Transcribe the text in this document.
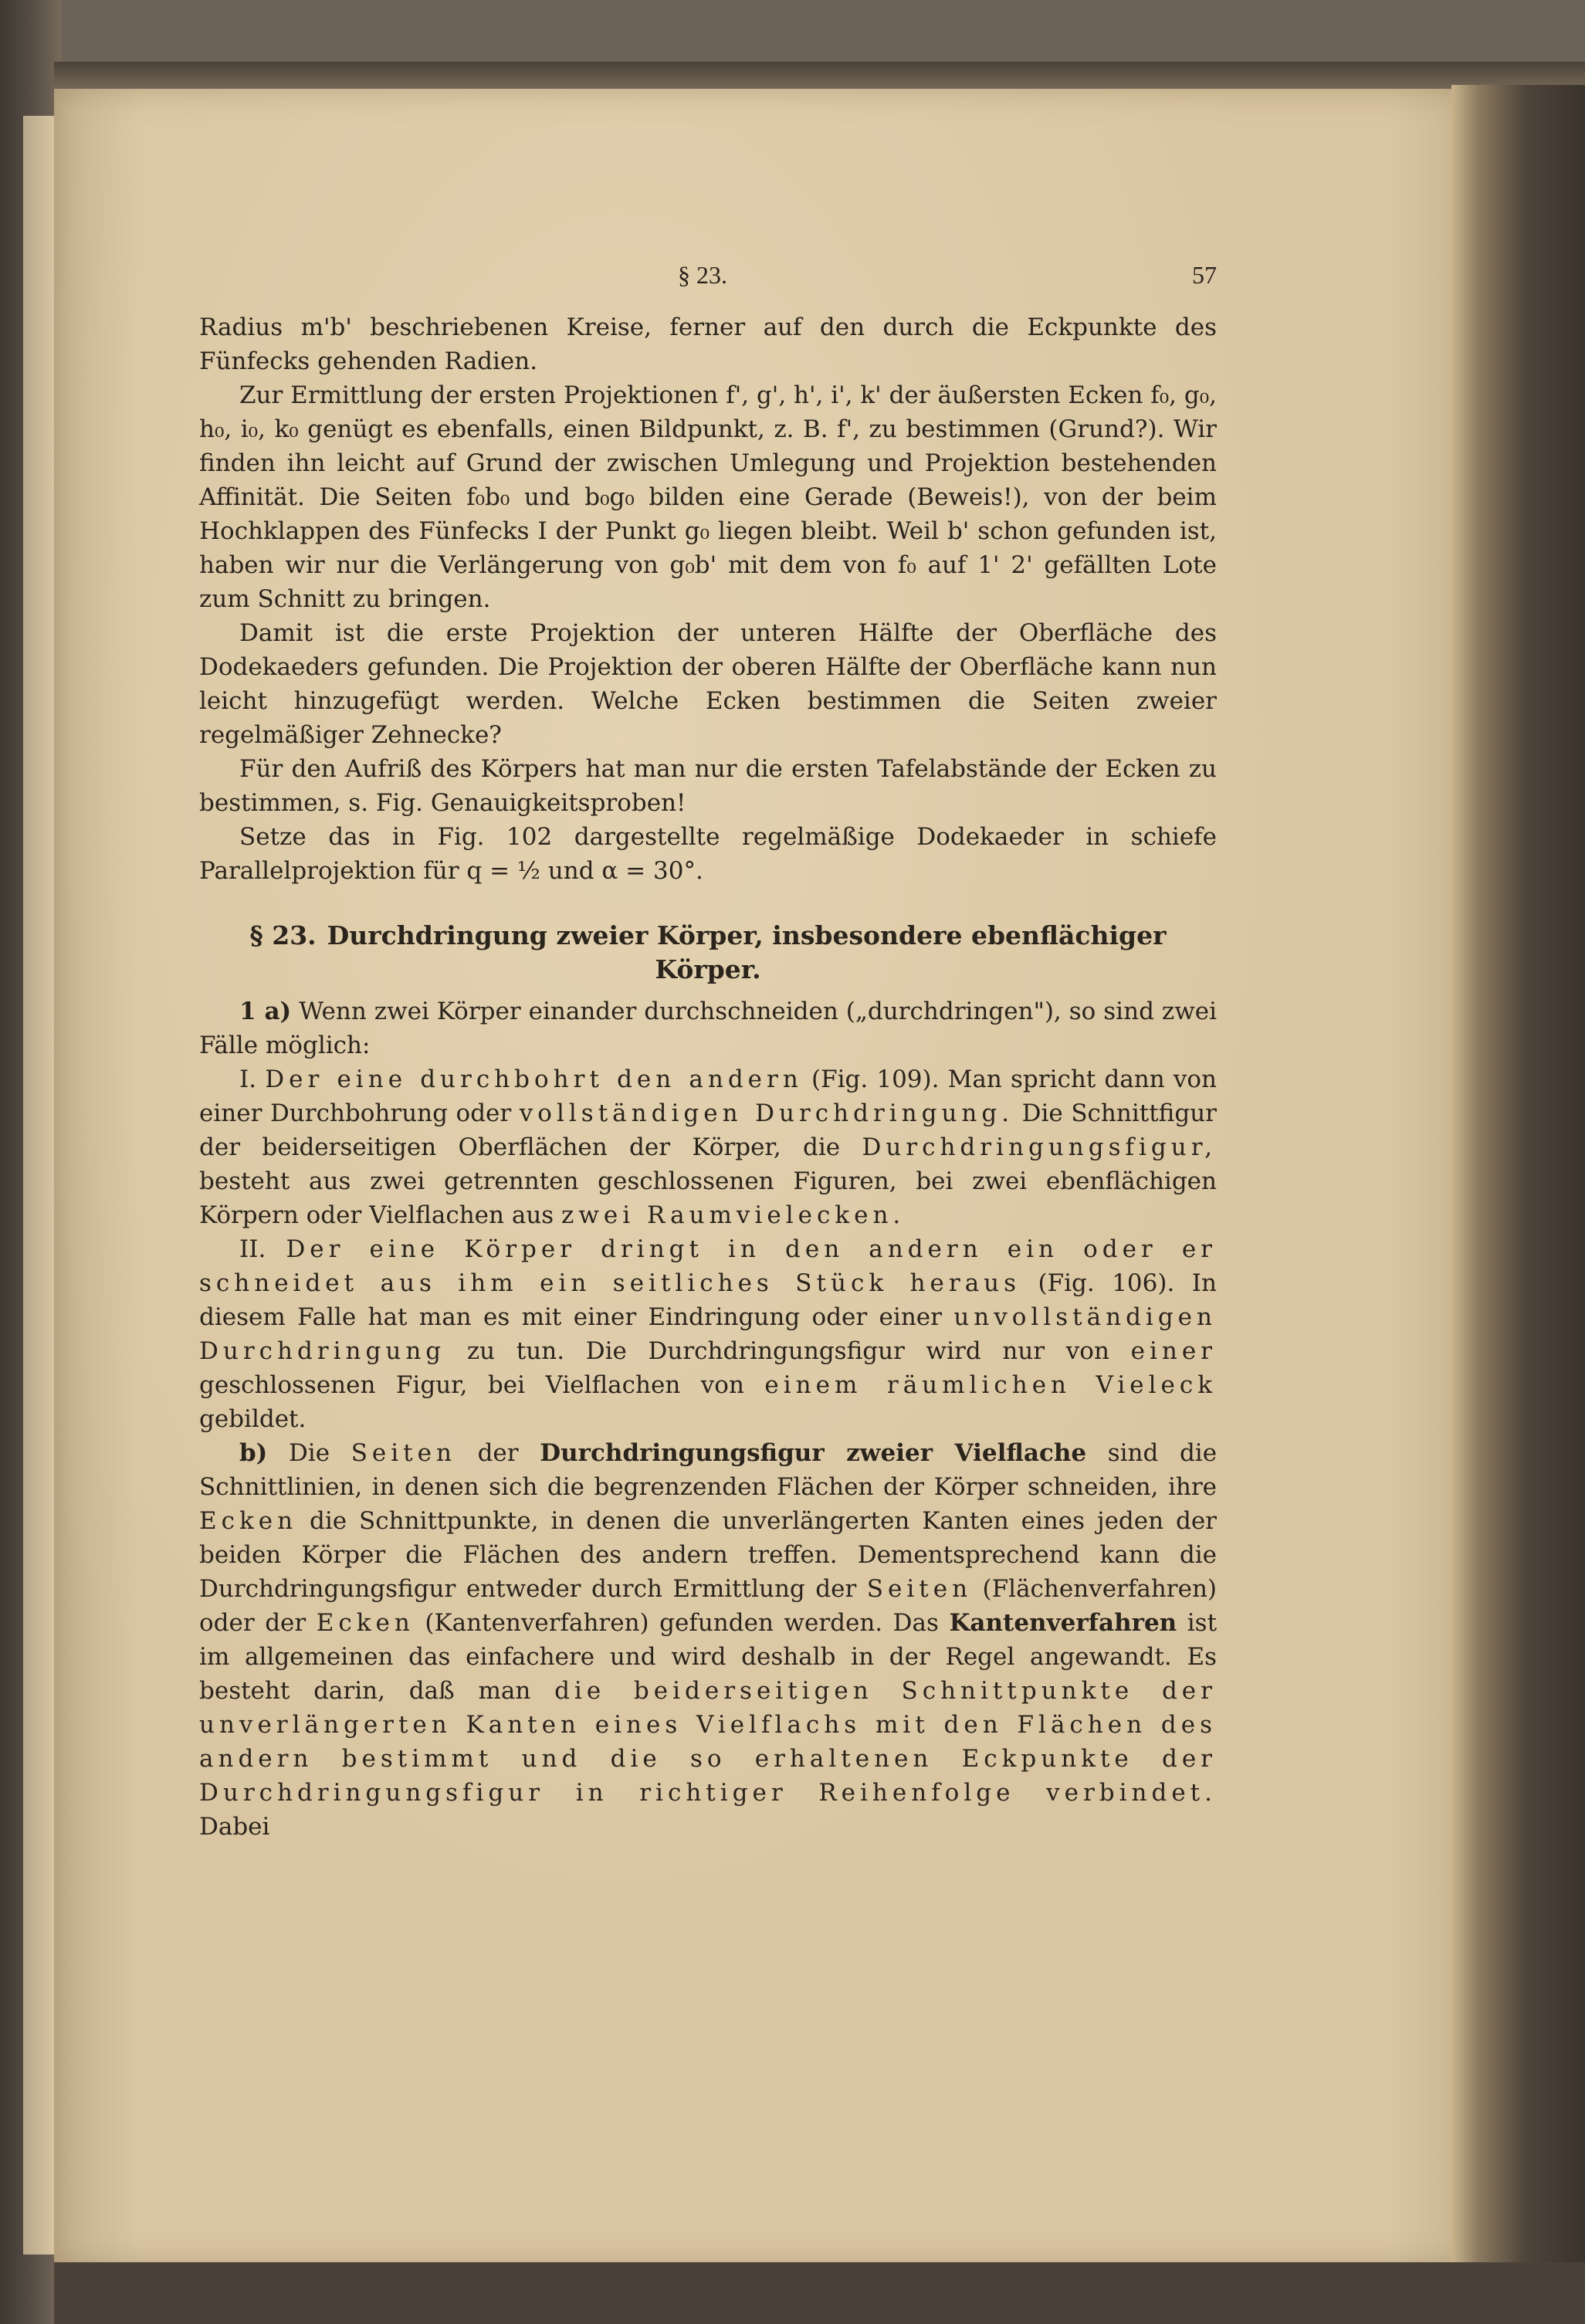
§ 23.	57

Radius m'b' beschriebenen Kreise, ferner auf den durch die Eckpunkte des Fünfecks gehenden Radien.

Zur Ermittlung der ersten Projektionen f', g', h', i', k' der äußersten Ecken f₀, g₀, h₀, i₀, k₀ genügt es ebenfalls, einen Bildpunkt, z. B. f', zu bestimmen (Grund?). Wir finden ihn leicht auf Grund der zwischen Umlegung und Projektion bestehenden Affinität. Die Seiten f₀b₀ und b₀g₀ bilden eine Gerade (Beweis!), von der beim Hochklappen des Fünfecks I der Punkt g₀ liegen bleibt. Weil b' schon gefunden ist, haben wir nur die Verlängerung von g₀b' mit dem von f₀ auf 1' 2' gefällten Lote zum Schnitt zu bringen.

Damit ist die erste Projektion der unteren Hälfte der Oberfläche des Dodekaeders gefunden. Die Projektion der oberen Hälfte der Oberfläche kann nun leicht hinzugefügt werden. Welche Ecken bestimmen die Seiten zweier regelmäßiger Zehnecke?

Für den Aufriß des Körpers hat man nur die ersten Tafelabstände der Ecken zu bestimmen, s. Fig. Genauigkeitsproben!

Setze das in Fig. 102 dargestellte regelmäßige Dodekaeder in schiefe Parallelprojektion für q = ½ und α = 30°.

§ 23. Durchdringung zweier Körper, insbesondere ebenflächiger Körper.

1 a) Wenn zwei Körper einander durchschneiden („durchdringen"), so sind zwei Fälle möglich:

I. Der eine durchbohrt den andern (Fig. 109). Man spricht dann von einer Durchbohrung oder vollständigen Durchdringung. Die Schnittfigur der beiderseitigen Oberflächen der Körper, die Durchdringungsfigur, besteht aus zwei getrennten geschlossenen Figuren, bei zwei ebenflächigen Körpern oder Vielflachen aus zwei Raumvielecken.

II. Der eine Körper dringt in den andern ein oder er schneidet aus ihm ein seitliches Stück heraus (Fig. 106). In diesem Falle hat man es mit einer Eindringung oder einer unvollständigen Durchdringung zu tun. Die Durchdringungsfigur wird nur von einer geschlossenen Figur, bei Vielflachen von einem räumlichen Vieleck gebildet.

b) Die Seiten der Durchdringungsfigur zweier Vielflache sind die Schnittlinien, in denen sich die begrenzenden Flächen der Körper schneiden, ihre Ecken die Schnittpunkte, in denen die unverlängerten Kanten eines jeden der beiden Körper die Flächen des andern treffen. Dementsprechend kann die Durchdringungsfigur entweder durch Ermittlung der Seiten (Flächenverfahren) oder der Ecken (Kantenverfahren) gefunden werden. Das Kantenverfahren ist im allgemeinen das einfachere und wird deshalb in der Regel angewandt. Es besteht darin, daß man die beiderseitigen Schnittpunkte der unverlängerten Kanten eines Vielflachs mit den Flächen des andern bestimmt und die so erhaltenen Eckpunkte der Durchdringungsfigur in richtiger Reihenfolge verbindet. Dabei
